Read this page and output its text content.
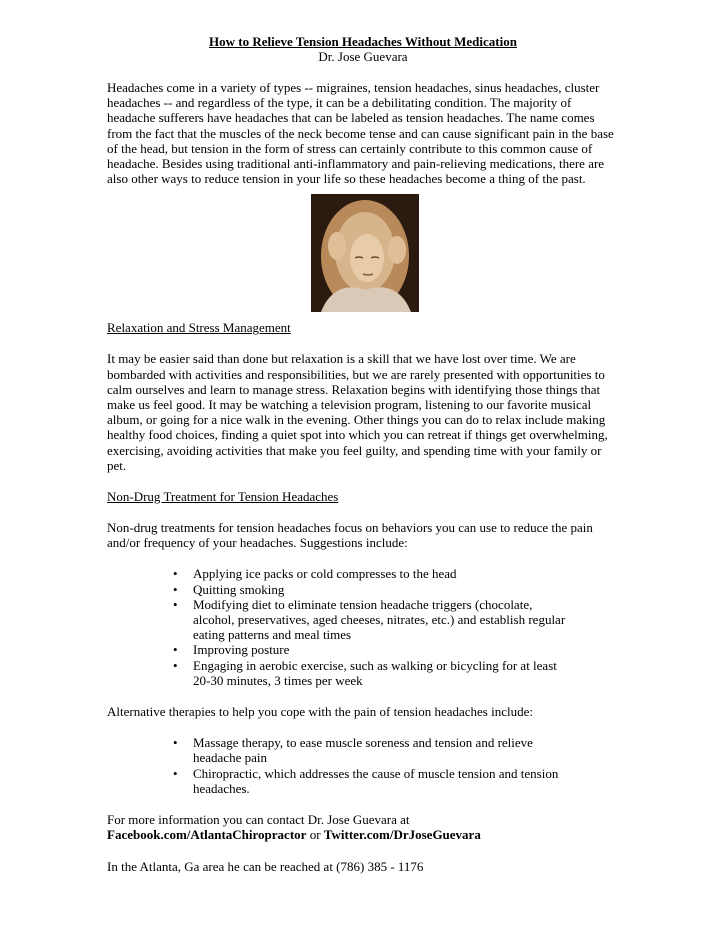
How to Relieve Tension Headaches Without Medication
Dr. Jose Guevara

Headaches come in a variety of types -- migraines, tension headaches, sinus headaches, cluster headaches -- and regardless of the type, it can be a debilitating condition. The majority of headache sufferers have headaches that can be labeled as tension headaches. The name comes from the fact that the muscles of the neck become tense and can cause significant pain in the base of the head, but tension in the form of stress can certainly contribute to this common cause of headache. Besides using traditional anti-inflammatory and pain-relieving medications, there are also other ways to reduce tension in your life so these headaches become a thing of the past.

Relaxation and Stress Management

It may be easier said than done but relaxation is a skill that we have lost over time. We are bombarded with activities and responsibilities, but we are rarely presented with opportunities to calm ourselves and learn to manage stress. Relaxation begins with identifying those things that make us feel good. It may be watching a television program, listening to our favorite musical album, or going for a nice walk in the evening. Other things you can do to relax include making healthy food choices, finding a quiet spot into which you can retreat if things get overwhelming, exercising, avoiding activities that make you feel guilty, and spending time with your family or pet.

Non-Drug Treatment for Tension Headaches

Non-drug treatments for tension headaches focus on behaviors you can use to reduce the pain and/or frequency of your headaches. Suggestions include:

• Applying ice packs or cold compresses to the head
• Quitting smoking
• Modifying diet to eliminate tension headache triggers (chocolate, alcohol, preservatives, aged cheeses, nitrates, etc.) and establish regular eating patterns and meal times
• Improving posture
• Engaging in aerobic exercise, such as walking or bicycling for at least 20-30 minutes, 3 times per week

Alternative therapies to help you cope with the pain of tension headaches include:

• Massage therapy, to ease muscle soreness and tension and relieve headache pain
• Chiropractic, which addresses the cause of muscle tension and tension headaches.

For more information you can contact Dr. Jose Guevara at

Facebook.com/AtlantaChiropractor or Twitter.com/DrJoseGuevara

In the Atlanta, Ga area he can be reached at (786) 385 - 1176
